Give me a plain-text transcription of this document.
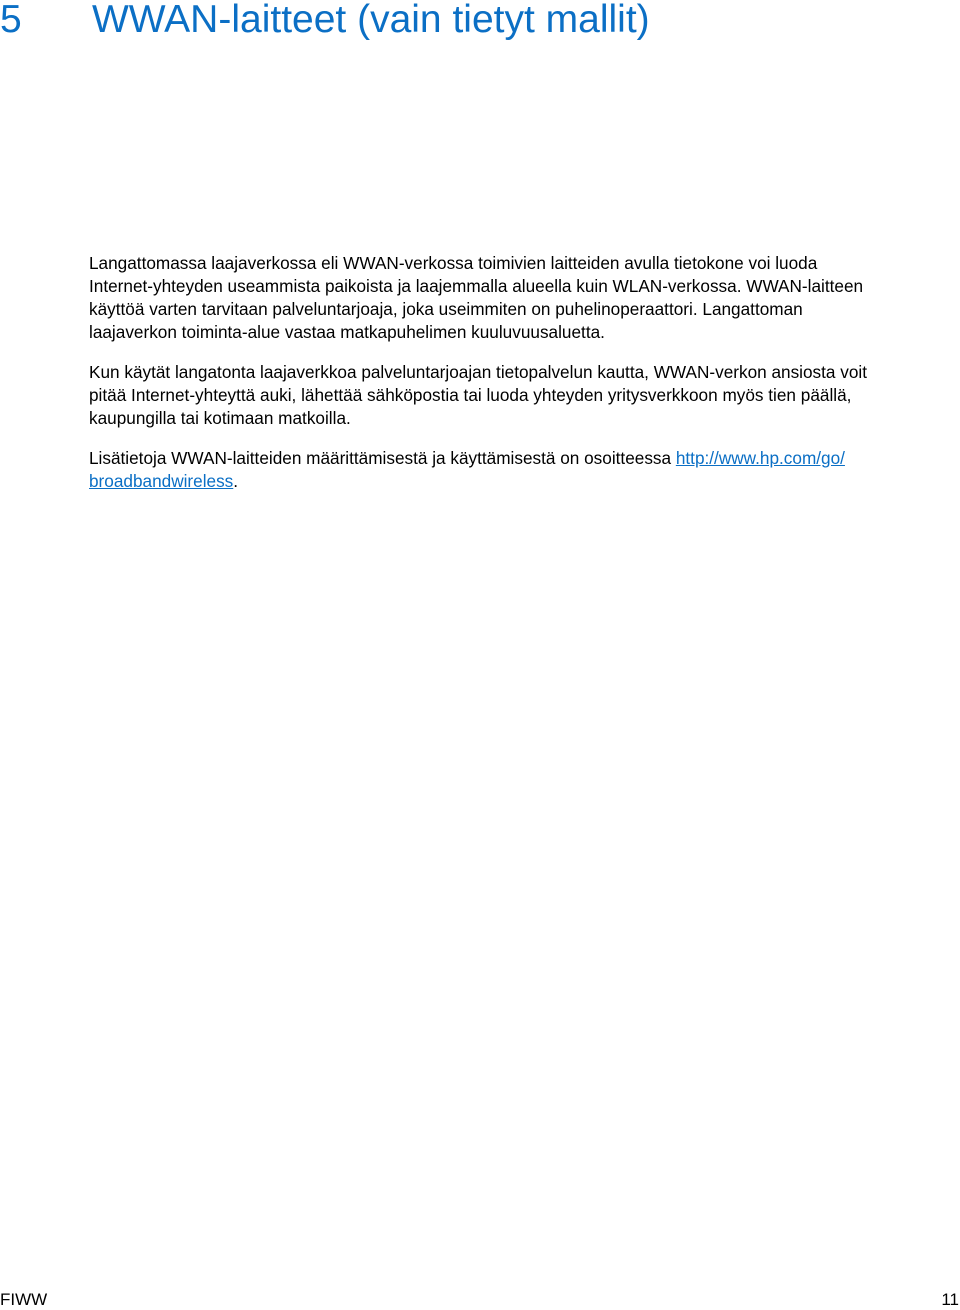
5 WWAN-laitteet (vain tietyt mallit)

Langattomassa laajaverkossa eli WWAN-verkossa toimivien laitteiden avulla tietokone voi luoda
Internet-yhteyden useammista paikoista ja laajemmalla alueella kuin WLAN-verkossa. WWAN-laitteen
käyttöä varten tarvitaan palveluntarjoaja, joka useimmiten on puhelinoperaattori. Langattoman
laajaverkon toiminta-alue vastaa matkapuhelimen kuuluvuusaluetta.

Kun käytät langatonta laajaverkkoa palveluntarjoajan tietopalvelun kautta, WWAN-verkon ansiosta voit
pitää Internet-yhteyttä auki, lähettää sähköpostia tai luoda yhteyden yritysverkkoon myös tien päällä,
kaupungilla tai kotimaan matkoilla.

Lisätietoja WWAN-laitteiden määrittämisestä ja käyttämisestä on osoitteessa http://www.hp.com/go/
broadbandwireless.

FIWW	11
